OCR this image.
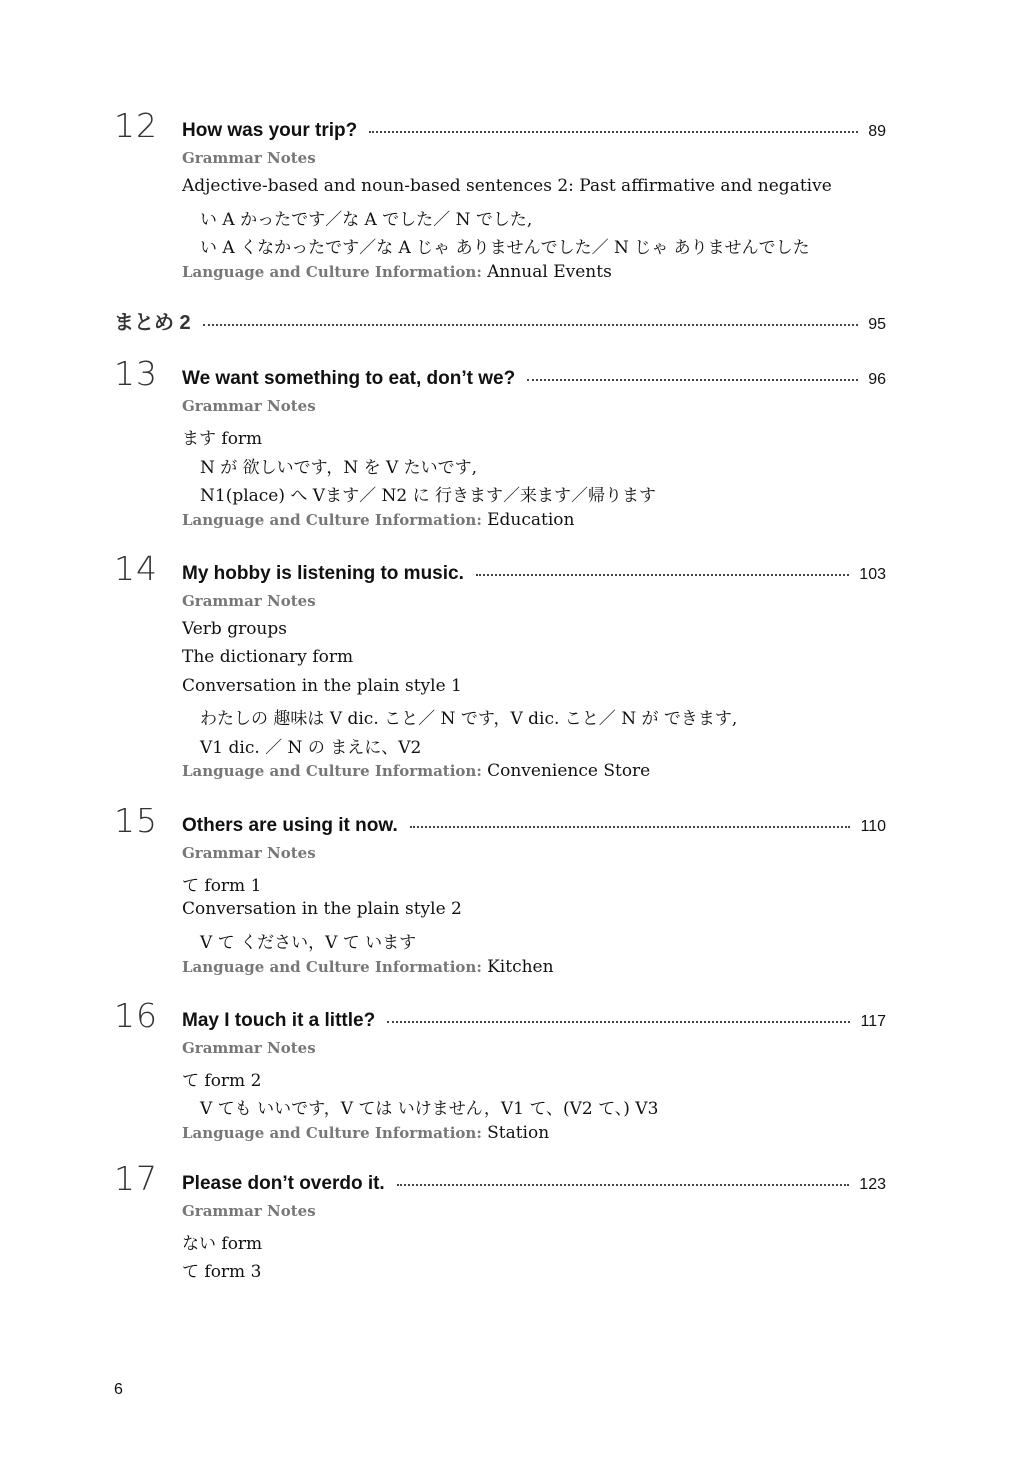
12 How was your trip?	89
Grammar Notes
Adjective-based and noun-based sentences 2: Past affirmative and negative
い A かったです／な A でした／ N でした,
い A くなかったです／な A じゃ ありませんでした／ N じゃ ありませんでした
Language and Culture Information: Annual Events
まとめ 2	95
13 We want something to eat, don’t we?	96
Grammar Notes
ます form
N が 欲しいです，N を V たいです,
N1(place) へ Vます／ N2 に 行きます／来ます／帰ります
Language and Culture Information: Education
14 My hobby is listening to music.	103
Grammar Notes
Verb groups
The dictionary form
Conversation in the plain style 1
わたしの 趣味は V dic. こと／ N です，V dic. こと／ N が できます,
V1 dic. ／ N の まえに、V2
Language and Culture Information: Convenience Store
15 Others are using it now.	110
Grammar Notes
て form 1
Conversation in the plain style 2
V て ください，V て います
Language and Culture Information: Kitchen
16 May I touch it a little?	117
Grammar Notes
て form 2
V ても いいです，V ては いけません，V1 て、(V2 て、) V3
Language and Culture Information: Station
17 Please don’t overdo it.	123
Grammar Notes
ない form
て form 3
6
